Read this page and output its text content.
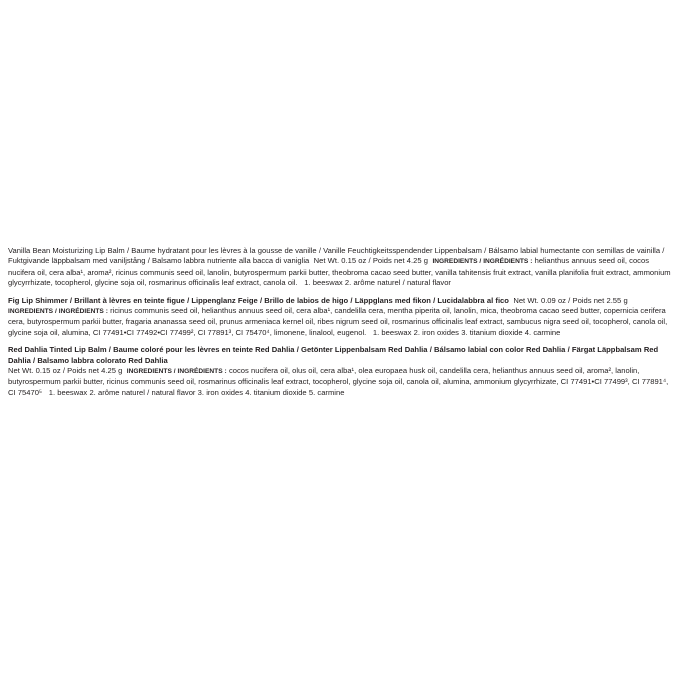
Vanilla Bean Moisturizing Lip Balm / Baume hydratant pour les lèvres à la gousse de vanille / Vanille Feuchtigkeitsspendender Lippenbalsam / Bálsamo labial humectante con semillas de vainilla / Fuktgivande läppbalsam med vaniljstång / Balsamo labbra nutriente alla bacca di vaniglia Net Wt. 0.15 oz / Poids net 4.25 g INGREDIENTS / INGRÉDIENTS : helianthus annuus seed oil, cocos nucifera oil, cera alba¹, aroma², ricinus communis seed oil, lanolin, butyrospermum parkii butter, theobroma cacao seed butter, vanilla tahitensis fruit extract, vanilla planifolia fruit extract, ammonium glycyrrhizate, tocopherol, glycine soja oil, rosmarinus officinalis leaf extract, canola oil. 1. beeswax 2. arôme naturel / natural flavor
Fig Lip Shimmer / Brillant à lèvres en teinte figue / Lippenglanz Feige / Brillo de labios de higo / Läppglans med fikon / Lucidalabbra al fico Net Wt. 0.09 oz / Poids net 2.55 g
INGREDIENTS / INGRÉDIENTS : ricinus communis seed oil, helianthus annuus seed oil, cera alba¹, candelilla cera, mentha piperita oil, lanolin, mica, theobroma cacao seed butter, copernicia cerifera cera, butyrospermum parkii butter, fragaria ananassa seed oil, prunus armeniaca kernel oil, ribes nigrum seed oil, rosmarinus officinalis leaf extract, sambucus nigra seed oil, tocopherol, canola oil, glycine soja oil, alumina, CI 77491•CI 77492•CI 77499², CI 77891³, CI 75470⁴, limonene, linalool, eugenol. 1. beeswax 2. iron oxides 3. titanium dioxide 4. carmine
Red Dahlia Tinted Lip Balm / Baume coloré pour les lèvres en teinte Red Dahlia / Getönter Lippenbalsam Red Dahlia / Bálsamo labial con color Red Dahlia / Färgat Läppbalsam Red Dahlia / Balsamo labbra colorato Red Dahlia
Net Wt. 0.15 oz / Poids net 4.25 g INGREDIENTS / INGRÉDIENTS : cocos nucifera oil, olus oil, cera alba¹, olea europaea husk oil, candelilla cera, helianthus annuus seed oil, aroma², lanolin, butyrospermum parkii butter, ricinus communis seed oil, rosmarinus officinalis leaf extract, tocopherol, glycine soja oil, canola oil, alumina, ammonium glycyrrhizate, CI 77491•CI 77499³, CI 77891⁴, CI 75470⁵ 1. beeswax 2. arôme naturel / natural flavor 3. iron oxides 4. titanium dioxide 5. carmine
